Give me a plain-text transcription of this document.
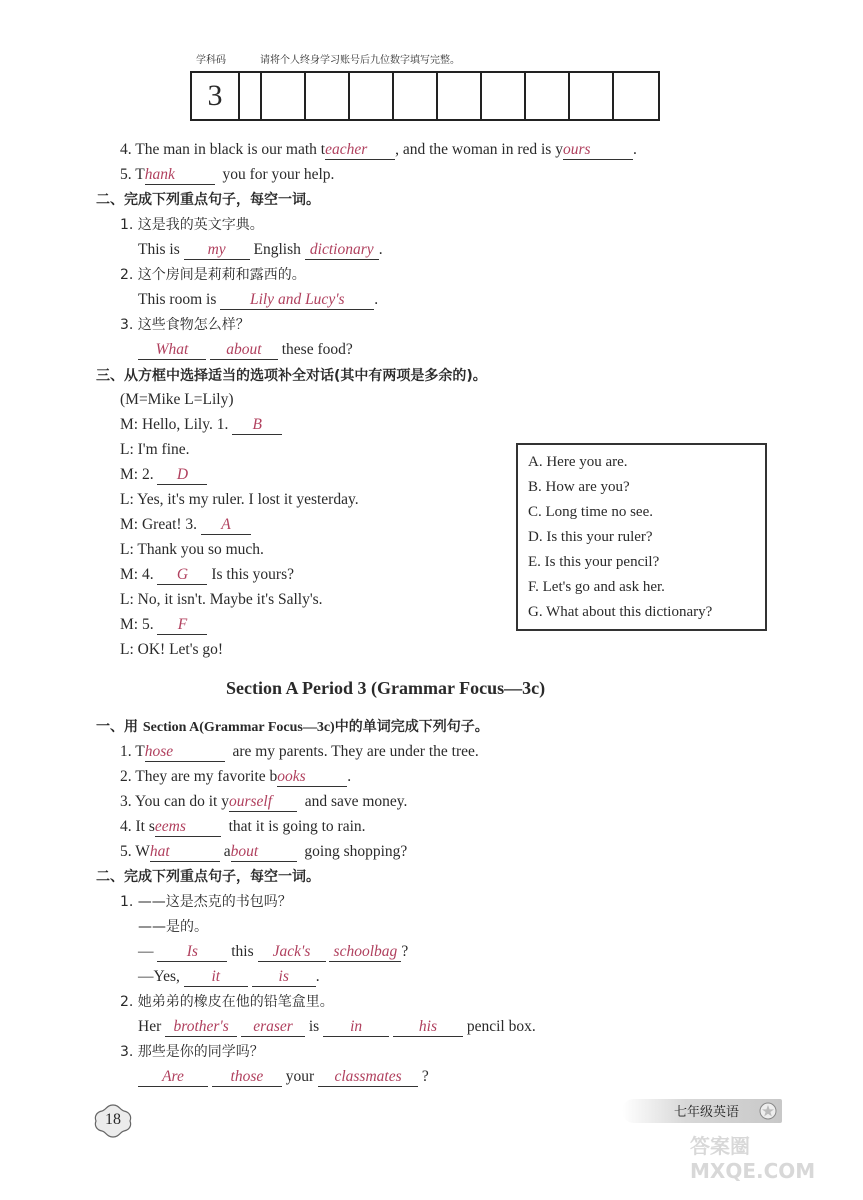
学科码	请将个人终身学习账号后九位数字填写完整。
3
4. The man in black is our math teacher , and the woman in red is yours	.
5. Thank	you for your help.
二、完成下列重点句子，每空一词。
1. 这是我的英文字典。
This is my English dictionary .
2. 这个房间是莉莉和露西的。
This room is Lily and Lucy's .
3. 这些食物怎么样？
What about these food?
三、从方框中选择适当的选项补全对话(其中有两项是多余的)。
(M=Mike L=Lily)
M: Hello, Lily. 1. B
L: I'm fine.
M: 2. D
L: Yes, it's my ruler. I lost it yesterday.
M: Great! 3. A
L: Thank you so much.
M: 4. G Is this yours?
L: No, it isn't. Maybe it's Sally's.
M: 5. F
L: OK! Let's go!
A. Here you are.
B. How are you?
C. Long time no see.
D. Is this your ruler?
E. Is this your pencil?
F. Let's go and ask her.
G. What about this dictionary?
Section A Period 3 (Grammar Focus—3c)
一、用 Section A(Grammar Focus—3c)中的单词完成下列句子。
1. Those	are my parents. They are under the tree.
2. They are my favorite books	.
3. You can do it yourself and save money.
4. It seems	that it is going to rain.
5. What	about	going shopping?
二、完成下列重点句子，每空一词。
1. ——这是杰克的书包吗？
——是的。
— Is this Jack's schoolbag ?
—Yes, it	is .
2. 她弟弟的橡皮在他的铅笔盒里。
Her brother's eraser is in	his pencil box.
3. 那些是你的同学吗？
Are	those your classmates ?
18	七年级英语
答案圈 MXQE.COM
